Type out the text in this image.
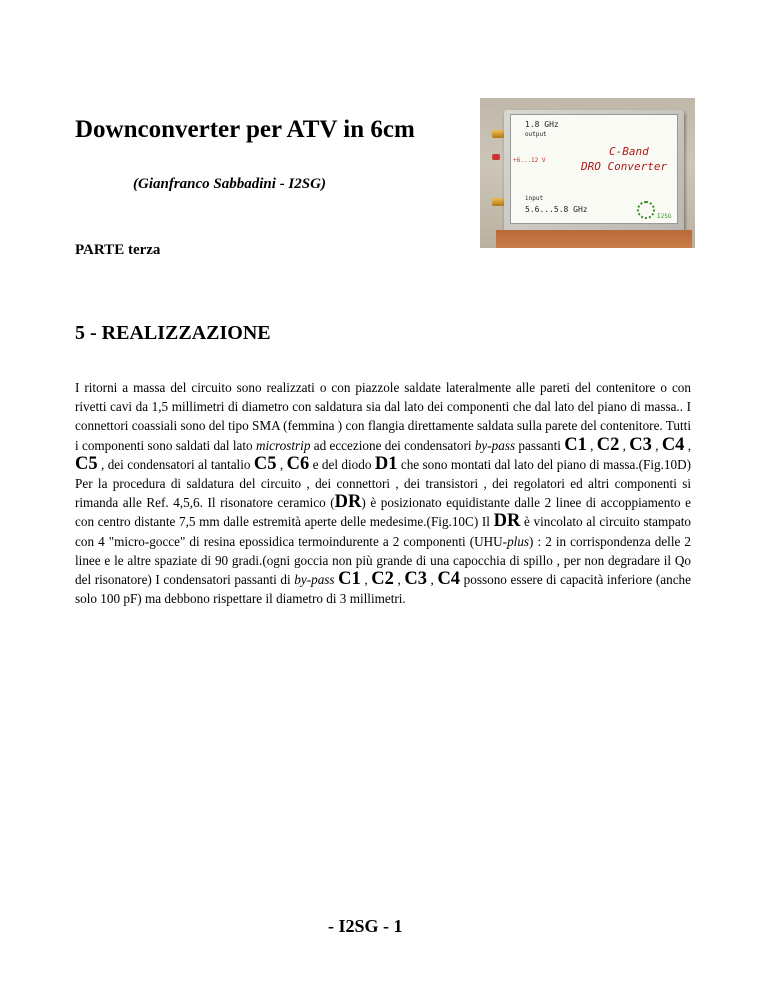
Downconverter per ATV in 6cm
(Gianfranco Sabbadini - I2SG)
PARTE terza
1.8 GHz
output
+6...12 V
C-Band
DRO Converter
input
5.6...5.8 GHz
I2SG
5 - REALIZZAZIONE

I ritorni a massa del circuito sono realizzati o con piazzole saldate lateralmente alle pareti del contenitore o con rivetti cavi da 1,5 millimetri di diametro con saldatura sia dal lato dei componenti che dal lato del piano di massa.. I connettori coassiali sono del tipo SMA (femmina ) con flangia direttamente saldata sulla parete del contenitore. Tutti i componenti sono saldati dal lato microstrip ad eccezione dei condensatori by-pass passanti C1 , C2 , C3 , C4 , C5 , dei condensatori al tantalio C5 , C6 e del diodo D1 che sono montati dal lato del piano di massa.(Fig.10D) Per la procedura di saldatura del circuito , dei connettori , dei transistori , dei regolatori ed altri componenti si rimanda alle Ref. 4,5,6. Il risonatore ceramico (DR) è posizionato equidistante dalle 2 linee di accoppiamento e con centro distante 7,5 mm dalle estremità aperte delle medesime.(Fig.10C) Il DR è vincolato al circuito stampato con 4 "micro-gocce" di resina epossidica termoindurente a 2 componenti (UHU-plus) : 2 in corrispondenza delle 2 linee e le altre spaziate di 90 gradi.(ogni goccia non più grande di una capocchia di spillo , per non degradare il Qo del risonatore) I condensatori passanti di by-pass C1 , C2 , C3 , C4 possono essere di capacità inferiore (anche solo 100 pF) ma debbono rispettare il diametro di 3 millimetri.

- I2SG - 1
